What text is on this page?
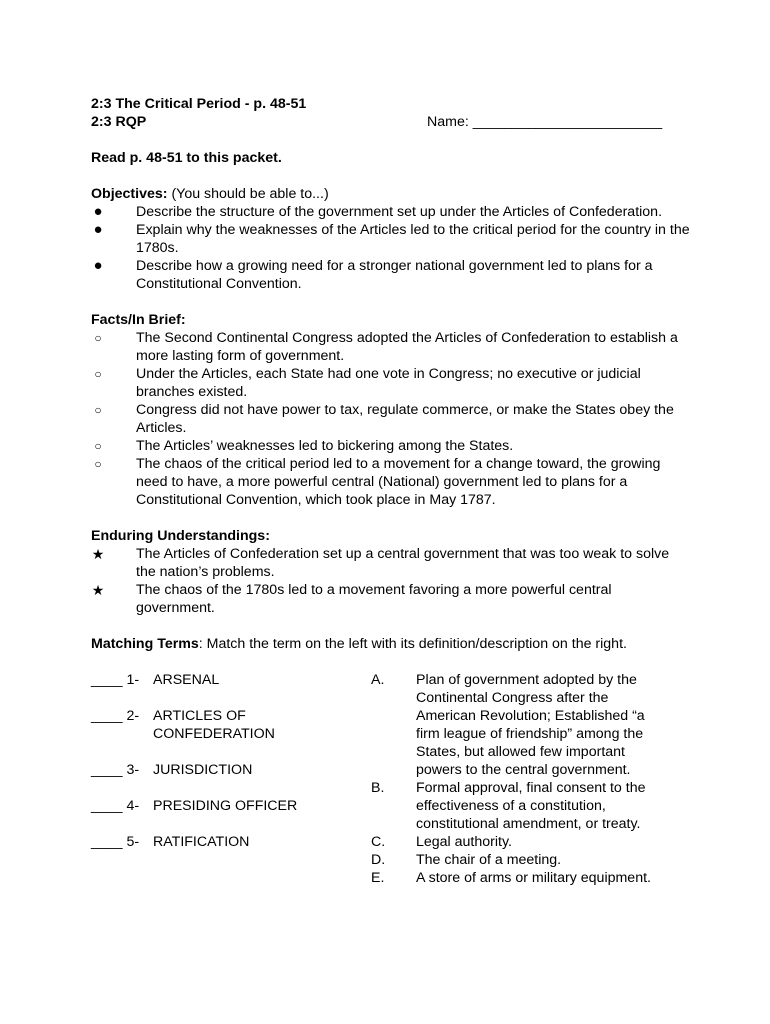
2:3 The Critical Period - p. 48-51
2:3 RQP	Name: ________________________
Read p. 48-51 to this packet.
Objectives: (You should be able to...)
● Describe the structure of the government set up under the Articles of Confederation.
● Explain why the weaknesses of the Articles led to the critical period for the country in the 1780s.
● Describe how a growing need for a stronger national government led to plans for a Constitutional Convention.
Facts/In Brief:
○ The Second Continental Congress adopted the Articles of Confederation to establish a more lasting form of government.
○ Under the Articles, each State had one vote in Congress; no executive or judicial branches existed.
○ Congress did not have power to tax, regulate commerce, or make the States obey the Articles.
○ The Articles’ weaknesses led to bickering among the States.
○ The chaos of the critical period led to a movement for a change toward, the growing need to have, a more powerful central (National) government led to plans for a Constitutional Convention, which took place in May 1787.
Enduring Understandings:
★ The Articles of Confederation set up a central government that was too weak to solve the nation’s problems.
★ The chaos of the 1780s led to a movement favoring a more powerful central government.
Matching Terms: Match the term on the left with its definition/description on the right.
____ 1- ARSENAL
____ 2- ARTICLES OF
CONFEDERATION
____ 3- JURISDICTION
____ 4- PRESIDING OFFICER
____ 5- RATIFICATION
A. Plan of government adopted by the Continental Congress after the American Revolution; Established “a firm league of friendship” among the States, but allowed few important powers to the central government.
B. Formal approval, final consent to the effectiveness of a constitution, constitutional amendment, or treaty.
C. Legal authority.
D. The chair of a meeting.
E. A store of arms or military equipment.
